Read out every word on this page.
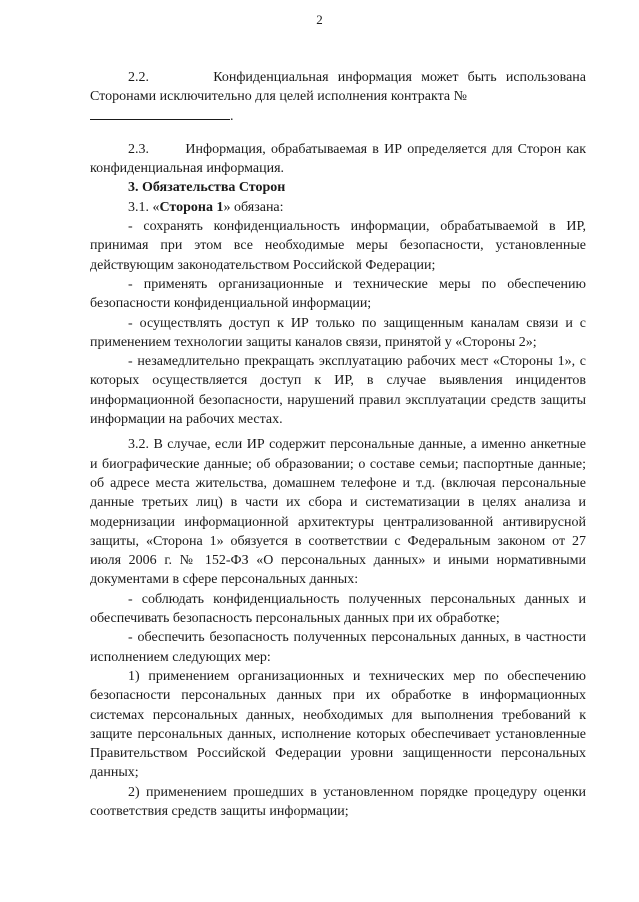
2

2.2.	Конфиденциальная информация может быть использована Сторонами исключительно для целей исполнения контракта №
.

2.3.	Информация, обрабатываемая в ИР определяется для Сторон как конфиденциальная информация.

3. Обязательства Сторон

3.1. «Сторона 1» обязана:

- сохранять конфиденциальность информации, обрабатываемой в ИР, принимая при этом все необходимые меры безопасности, установленные действующим законодательством Российской Федерации;

- применять организационные и технические меры по обеспечению безопасности конфиденциальной информации;

- осуществлять доступ к ИР только по защищенным каналам связи и с применением технологии защиты каналов связи, принятой у «Стороны 2»;

- незамедлительно прекращать эксплуатацию рабочих мест «Стороны 1», с которых осуществляется доступ к ИР, в случае выявления инцидентов информационной безопасности, нарушений правил эксплуатации средств защиты информации на рабочих местах.

3.2. В случае, если ИР содержит персональные данные, а именно анкетные и биографические данные; об образовании; о составе семьи; паспортные данные; об адресе места жительства, домашнем телефоне и т.д. (включая персональные данные третьих лиц) в части их сбора и систематизации в целях анализа и модернизации информационной архитектуры централизованной антивирусной защиты, «Сторона 1» обязуется в соответствии с Федеральным законом от 27 июля 2006 г. № 152-ФЗ «О персональных данных» и иными нормативными документами в сфере персональных данных:

- соблюдать конфиденциальность полученных персональных данных и обеспечивать безопасность персональных данных при их обработке;

- обеспечить безопасность полученных персональных данных, в частности исполнением следующих мер:

1) применением организационных и технических мер по обеспечению безопасности персональных данных при их обработке в информационных системах персональных данных, необходимых для выполнения требований к защите персональных данных, исполнение которых обеспечивает установленные Правительством Российской Федерации уровни защищенности персональных данных;

2) применением прошедших в установленном порядке процедуру оценки соответствия средств защиты информации;
